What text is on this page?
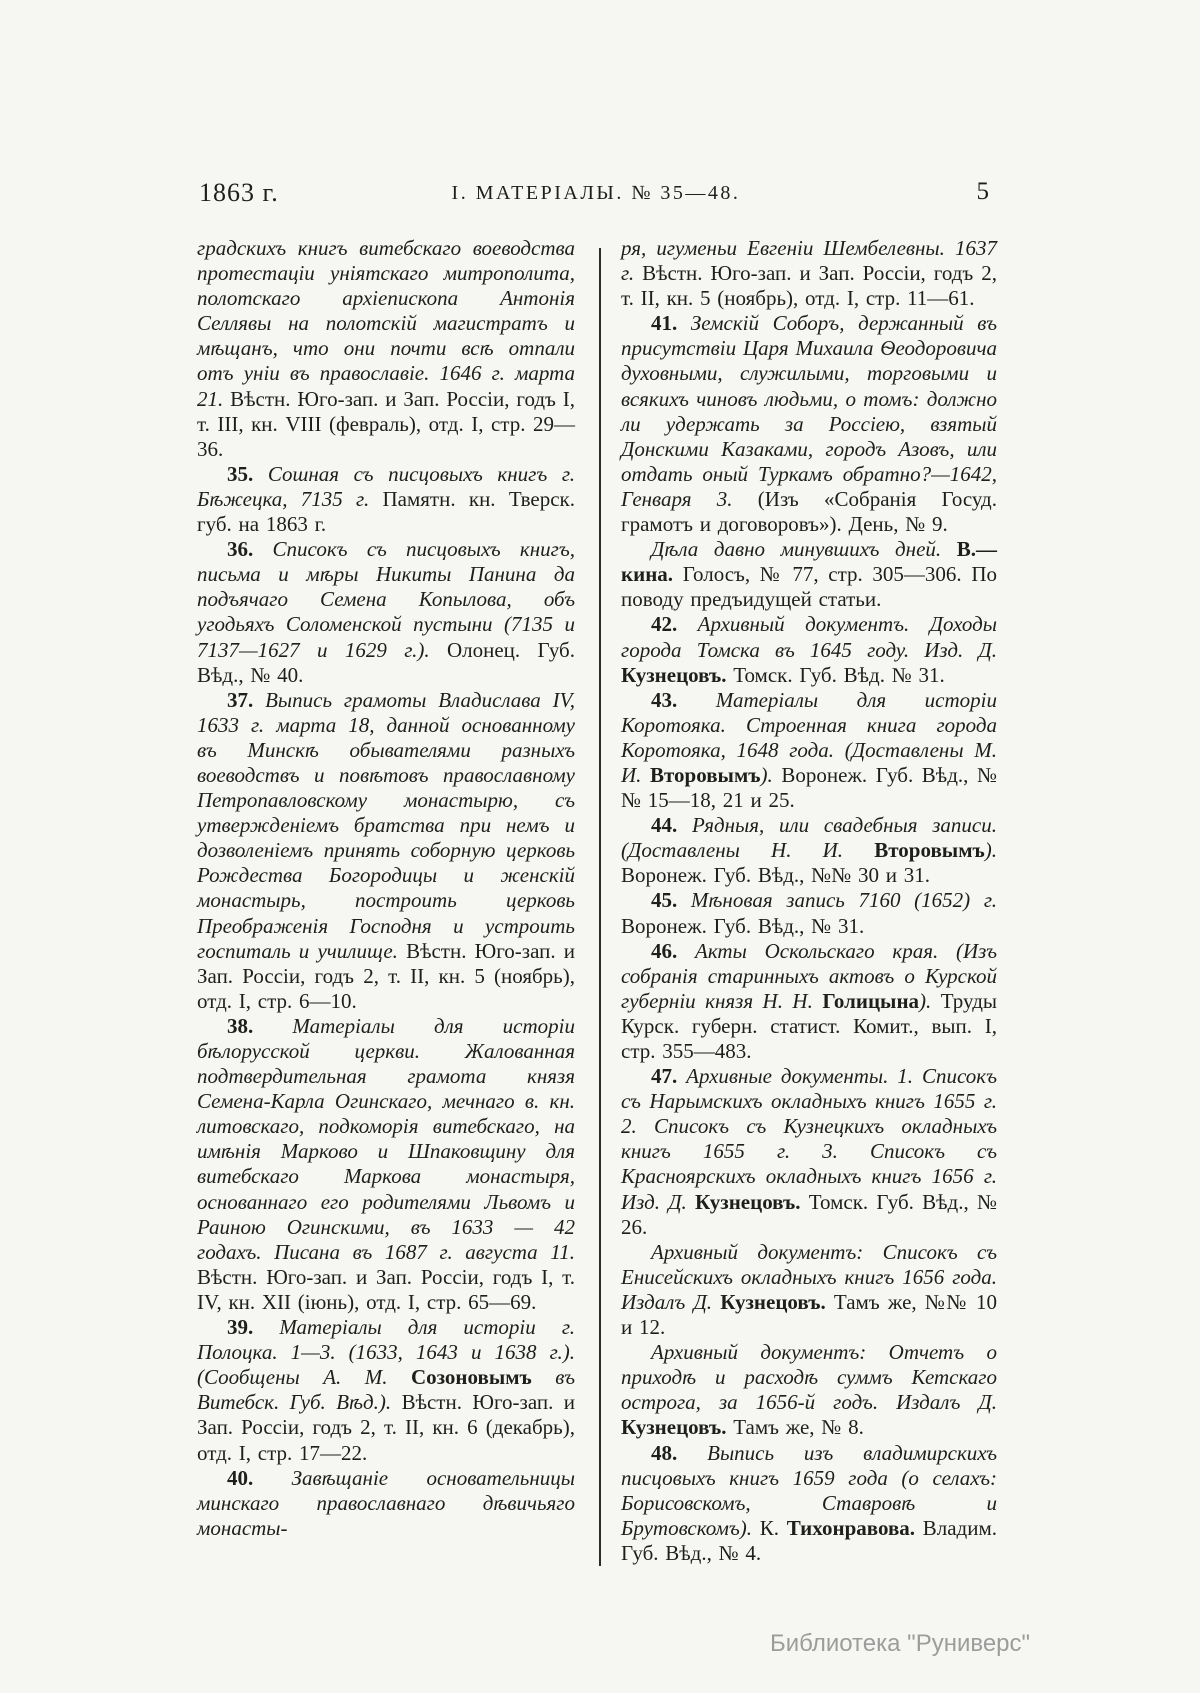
1863 г.	І. МАТЕРІАЛЫ. № 35—48.	5

градскихъ книгъ витебскаго воеводства протестаціи уніятскаго митрополита, полотскаго архіепископа Антонія Селлявы на полотскій магистратъ и мѣщанъ, что они почти всѣ отпали отъ уніи въ православіе. 1646 г. марта 21. Вѣстн. Юго-зап. и Зап. Россіи, годъ I, т. III, кн. VIII (февраль), отд. I, стр. 29—36.

35. Сошная съ писцовыхъ книгъ г. Бѣжецка, 7135 г. Памятн. кн. Тверск. губ. на 1863 г.

36. Списокъ съ писцовыхъ книгъ, письма и мѣры Никиты Панина да подъячаго Семена Копылова, объ угодьяхъ Соломенской пустыни (7135 и 7137—1627 и 1629 г.). Олонец. Губ. Вѣд., № 40.

37. Выпись грамоты Владислава IV, 1633 г. марта 18, данной основанному въ Минскѣ обывателями разныхъ воеводствъ и повѣтовъ православному Петропавловскому монастырю, съ утвержденіемъ братства при немъ и дозволеніемъ принять соборную церковь Рождества Богородицы и женскій монастырь, построить церковь Преображенія Господня и устроить госпиталь и училище. Вѣстн. Юго-зап. и Зап. Россіи, годъ 2, т. II, кн. 5 (ноябрь), отд. I, стр. 6—10.

38. Матеріалы для исторіи бѣлорусской церкви. Жалованная подтвердительная грамота князя Семена-Карла Огинскаго, мечнаго в. кн. литовскаго, подкоморія витебскаго, на имѣнія Марково и Шпаковщину для витебскаго Маркова монастыря, основаннаго его родителями Львомъ и Раиною Огинскими, въ 1633 — 42 годахъ. Писана въ 1687 г. августа 11. Вѣстн. Юго-зап. и Зап. Россіи, годъ I, т. IV, кн. XII (іюнь), отд. I, стр. 65—69.

39. Матеріалы для исторіи г. Полоцка. 1—3. (1633, 1643 и 1638 г.). (Сообщены А. М. Созоновымъ въ Витебск. Губ. Вѣд.). Вѣстн. Юго-зап. и Зап. Россіи, годъ 2, т. II, кн. 6 (декабрь), отд. I, стр. 17—22.

40. Завѣщаніе основательницы минскаго православнаго дѣвичьяго монасты-

ря, игуменьи Евгеніи Шембелевны. 1637 г. Вѣстн. Юго-зап. и Зап. Россіи, годъ 2, т. II, кн. 5 (ноябрь), отд. I, стр. 11—61.

41. Земскій Соборъ, держанный въ присутствіи Царя Михаила Ѳеодоровича духовными, служилыми, торговыми и всякихъ чиновъ людьми, о томъ: должно ли удержать за Россіею, взятый Донскими Казаками, городъ Азовъ, или отдать оный Туркамъ обратно?—1642, Генваря 3. (Изъ «Собранія Госуд. грамотъ и договоровъ»). День, № 9.

Дѣла давно минувшихъ дней. В.—кина. Голосъ, № 77, стр. 305—306. По поводу предъидущей статьи.

42. Архивный документъ. Доходы города Томска въ 1645 году. Изд. Д. Кузнецовъ. Томск. Губ. Вѣд. № 31.

43. Матеріалы для исторіи Коротояка. Строенная книга города Коротояка, 1648 года. (Доставлены М. И. Второвымъ). Воронеж. Губ. Вѣд., №№ 15—18, 21 и 25.

44. Рядныя, или свадебныя записи. (Доставлены Н. И. Второвымъ). Воронеж. Губ. Вѣд., №№ 30 и 31.

45. Мѣновая запись 7160 (1652) г. Воронеж. Губ. Вѣд., № 31.

46. Акты Оскольскаго края. (Изъ собранія старинныхъ актовъ о Курской губерніи князя Н. Н. Голицына). Труды Курск. губерн. статист. Комит., вып. I, стр. 355—483.

47. Архивные документы. 1. Списокъ съ Нарымскихъ окладныхъ книгъ 1655 г. 2. Списокъ съ Кузнецкихъ окладныхъ книгъ 1655 г. 3. Списокъ съ Красноярскихъ окладныхъ книгъ 1656 г. Изд. Д. Кузнецовъ. Томск. Губ. Вѣд., № 26.

Архивный документъ: Списокъ съ Енисейскихъ окладныхъ книгъ 1656 года. Издалъ Д. Кузнецовъ. Тамъ же, №№ 10 и 12.

Архивный документъ: Отчетъ о приходѣ и расходѣ суммъ Кетскаго острога, за 1656-й годъ. Издалъ Д. Кузнецовъ. Тамъ же, № 8.

48. Выпись изъ владимирскихъ писцовыхъ книгъ 1659 года (о селахъ: Борисовскомъ, Ставровѣ и Брутовскомъ). К. Тихонравова. Владим. Губ. Вѣд., № 4.

Библиотека "Руниверс"
